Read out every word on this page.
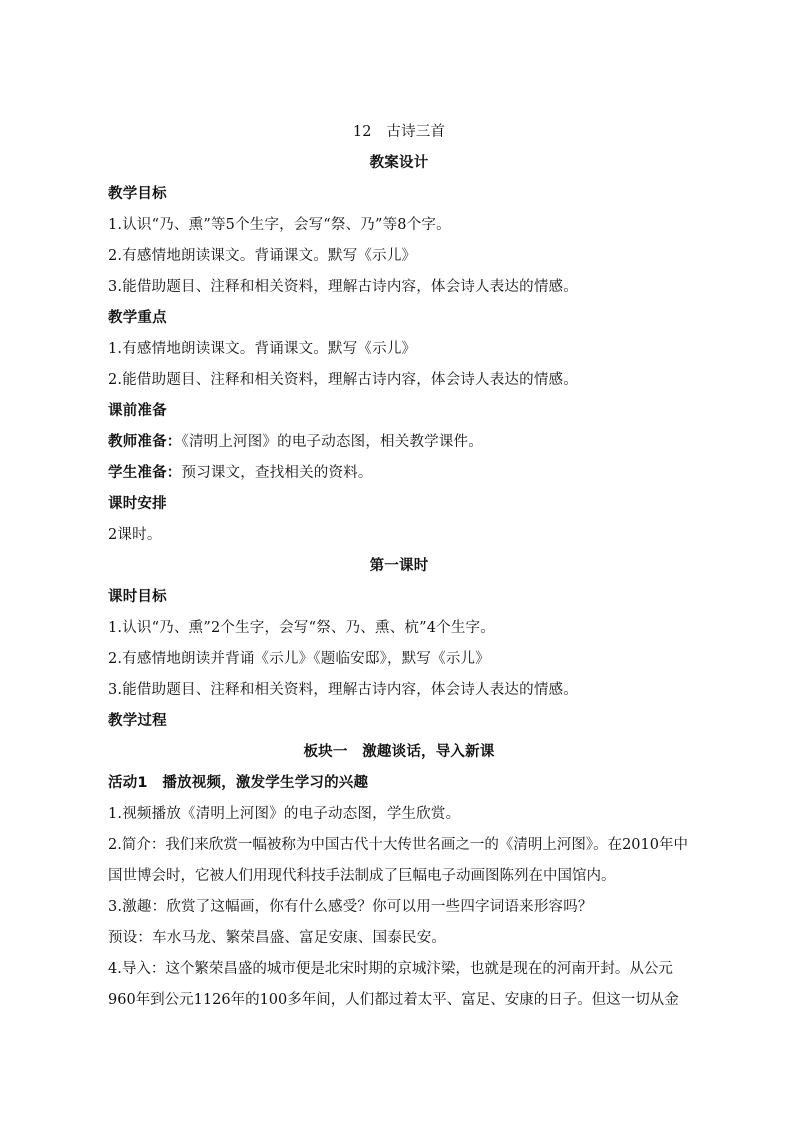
12　古诗三首
教案设计
教学目标
1.认识“乃、熏”等5个生字，会写“祭、乃”等8个字。
2.有感情地朗读课文。背诵课文。默写《示儿》
3.能借助题目、注释和相关资料，理解古诗内容，体会诗人表达的情感。
教学重点
1.有感情地朗读课文。背诵课文。默写《示儿》
2.能借助题目、注释和相关资料，理解古诗内容，体会诗人表达的情感。
课前准备
教师准备：《清明上河图》的电子动态图，相关教学课件。
学生准备：预习课文，查找相关的资料。
课时安排
2课时。
第一课时
课时目标
1.认识“乃、熏”2个生字，会写“祭、乃、熏、杭”4个生字。
2.有感情地朗读并背诵《示儿》《题临安邸》，默写《示儿》
3.能借助题目、注释和相关资料，理解古诗内容，体会诗人表达的情感。
教学过程
板块一　激趣谈话，导入新课
活动1　播放视频，激发学生学习的兴趣
1.视频播放《清明上河图》的电子动态图，学生欣赏。
2.简介：我们来欣赏一幅被称为中国古代十大传世名画之一的《清明上河图》。在2010年中国世博会时，它被人们用现代科技手法制成了巨幅电子动画图陈列在中国馆内。
3.激趣：欣赏了这幅画，你有什么感受？你可以用一些四字词语来形容吗？
预设：车水马龙、繁荣昌盛、富足安康、国泰民安。
4.导入：这个繁荣昌盛的城市便是北宋时期的京城汴梁，也就是现在的河南开封。从公元960年到公元1126年的100多年间，人们都过着太平、富足、安康的日子。但这一切从金
